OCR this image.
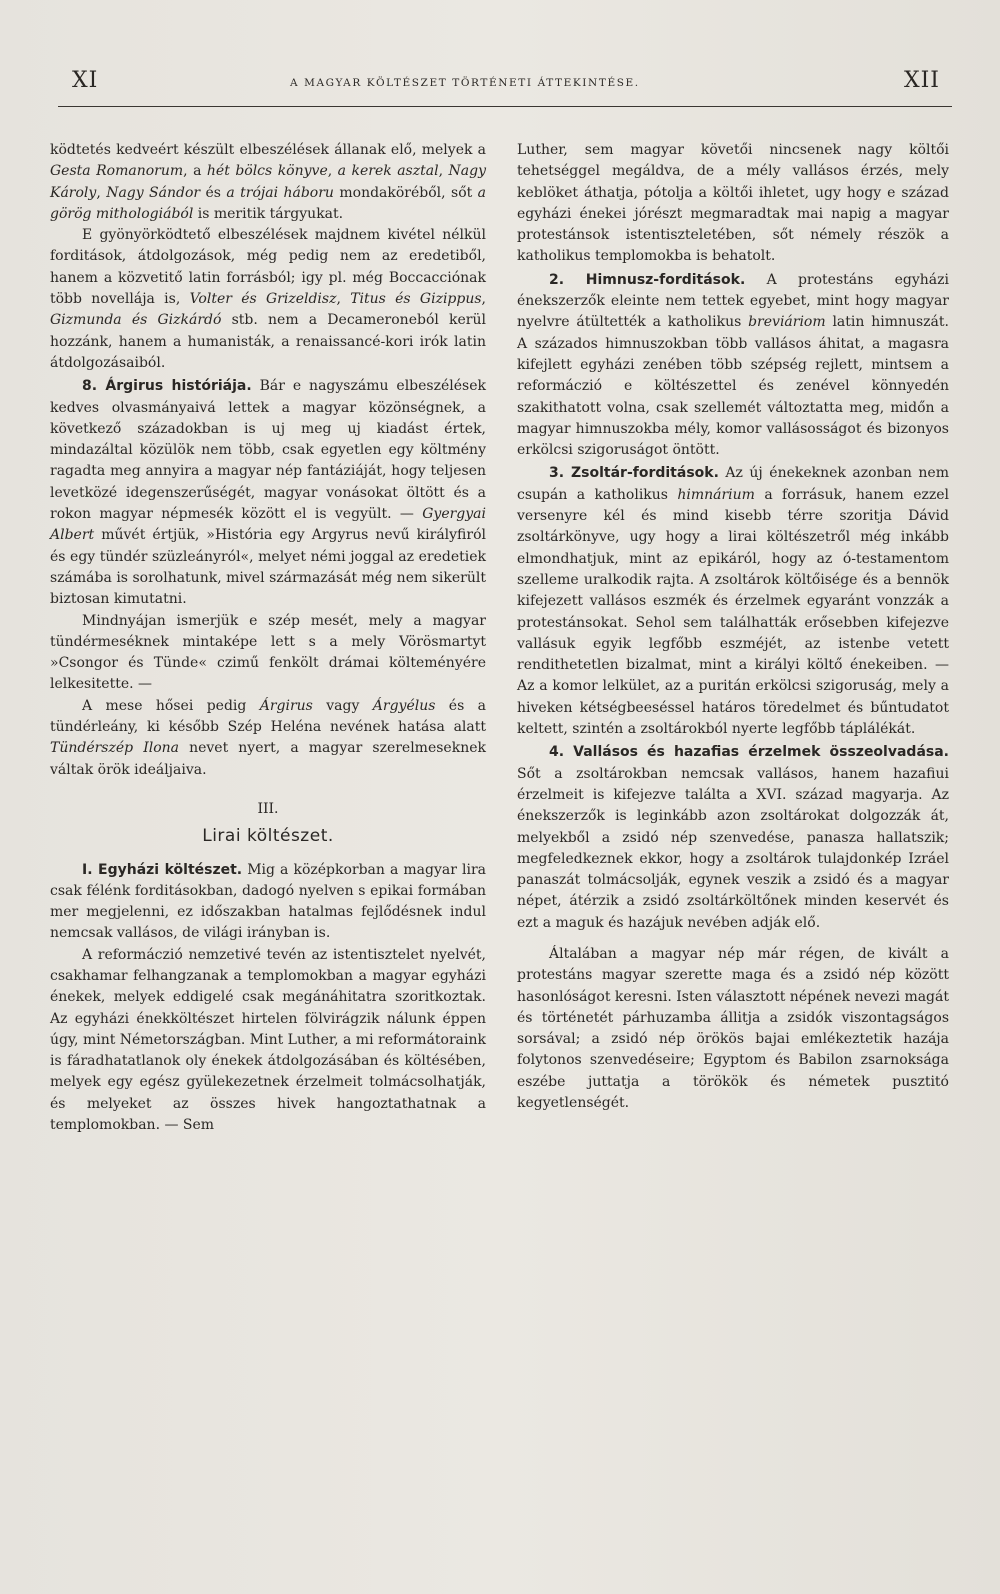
XI	A MAGYAR KÖLTÉSZET TÖRTÉNETI ÁTTEKINTÉSE.	XII

ködtetés kedveért készült elbeszélések állanak elő, melyek a Gesta Romanorum, a hét bölcs könyve, a kerek asztal, Nagy Károly, Nagy Sándor és a trójai háboru mondaköréből, sőt a görög mithologiából is meritik tárgyukat.

E gyönyörködtető elbeszélések majdnem kivétel nélkül forditások, átdolgozások, még pedig nem az eredetiből, hanem a közvetitő latin forrásból; igy pl. még Boccacciónak több novellája is, Volter és Grizeldisz, Titus és Gizippus, Gizmunda és Gizkárdó stb. nem a Decameroneból kerül hozzánk, hanem a humanisták, a renaissancé-kori irók latin átdolgozásaiból.

8. Árgirus históriája. Bár e nagyszámu elbeszélések kedves olvasmányaivá lettek a magyar közönségnek, a következő századokban is uj meg uj kiadást értek, mindazáltal közülök nem több, csak egyetlen egy költmény ragadta meg annyira a magyar nép fantáziáját, hogy teljesen levetközé idegenszerűségét, magyar vonásokat öltött és a rokon magyar népmesék között el is vegyült. — Gyergyai Albert művét értjük, »História egy Argyrus nevű királyfiról és egy tündér szüzleányról«, melyet némi joggal az eredetiek számába is sorolhatunk, mivel származását még nem sikerült biztosan kimutatni.

Mindnyájan ismerjük e szép mesét, mely a magyar tündérmeséknek mintaképe lett s a mely Vörösmartyt »Csongor és Tünde« czimű fenkölt drámai költeményére lelkesitette. —

A mese hősei pedig Árgirus vagy Árgyélus és a tündérleány, ki később Szép Heléna nevének hatása alatt Tündérszép Ilona nevet nyert, a magyar szerelmeseknek váltak örök ideáljaiva.

III.

Lirai költészet.

I. Egyházi költészet. Mig a középkorban a magyar lira csak félénk forditásokban, dadogó nyelven s epikai formában mer megjelenni, ez időszakban hatalmas fejlődésnek indul nemcsak vallásos, de világi irányban is.

A reformáczió nemzetivé tevén az istentisztelet nyelvét, csakhamar felhangzanak a templomokban a magyar egyházi énekek, melyek eddigelé csak megánáhitatra szoritkoztak. Az egyházi énekköltészet hirtelen fölvirágzik nálunk éppen úgy, mint Németországban. Mint Luther, a mi reformátoraink is fáradhatatlanok oly énekek átdolgozásában és költésében, melyek egy egész gyülekezetnek érzelmeit tolmácsolhatják, és melyeket az összes hivek hangoztathatnak a templomokban. — Sem

Luther, sem magyar követői nincsenek nagy költői tehetséggel megáldva, de a mély vallásos érzés, mely keblöket áthatja, pótolja a költői ihletet, ugy hogy e század egyházi énekei jórészt megmaradtak mai napig a magyar protestánsok istentiszteletében, sőt némely részök a katholikus templomokba is behatolt.

2. Himnusz-forditások. A protestáns egyházi énekszerzők eleinte nem tettek egyebet, mint hogy magyar nyelvre átültették a katholikus breviáriom latin himnuszát. A százados himnuszokban több vallásos áhitat, a magasra kifejlett egyházi zenében több szépség rejlett, mintsem a reformáczió e költészettel és zenével könnyedén szakithatott volna, csak szellemét változtatta meg, midőn a magyar himnuszokba mély, komor vallásosságot és bizonyos erkölcsi szigoruságot öntött.

3. Zsoltár-forditások. Az új énekeknek azonban nem csupán a katholikus himnárium a forrásuk, hanem ezzel versenyre kél és mind kisebb térre szoritja Dávid zsoltárkönyve, ugy hogy a lirai költészetről még inkább elmondhatjuk, mint az epikáról, hogy az ó-testamentom szelleme uralkodik rajta. A zsoltárok költőisége és a bennök kifejezett vallásos eszmék és érzelmek egyaránt vonzzák a protestánsokat. Sehol sem találhatták erősebben kifejezve vallásuk egyik legfőbb eszméjét, az istenbe vetett rendithetetlen bizalmat, mint a királyi költő énekeiben. — Az a komor lelkület, az a puritán erkölcsi szigoruság, mely a hiveken kétségbeeséssel határos töredelmet és bűntudatot keltett, szintén a zsoltárokból nyerte legfőbb táplálékát.

4. Vallásos és hazafias érzelmek összeolvadása. Sőt a zsoltárokban nemcsak vallásos, hanem hazafiui érzelmeit is kifejezve találta a XVI. század magyarja. Az énekszerzők is leginkább azon zsoltárokat dolgozzák át, melyekből a zsidó nép szenvedése, panasza hallatszik; megfeledkeznek ekkor, hogy a zsoltárok tulajdonkép Izráel panaszát tolmácsolják, egynek veszik a zsidó és a magyar népet, átérzik a zsidó zsoltárköltőnek minden keservét és ezt a maguk és hazájuk nevében adják elő.

Általában a magyar nép már régen, de kivált a protestáns magyar szerette maga és a zsidó nép között hasonlóságot keresni. Isten választott népének nevezi magát és történetét párhuzamba állitja a zsidók viszontagságos sorsával; a zsidó nép örökös bajai emlékeztetik hazája folytonos szenvedéseire; Egyptom és Babilon zsarnoksága eszébe juttatja a törökök és németek pusztitó kegyetlenségét.
